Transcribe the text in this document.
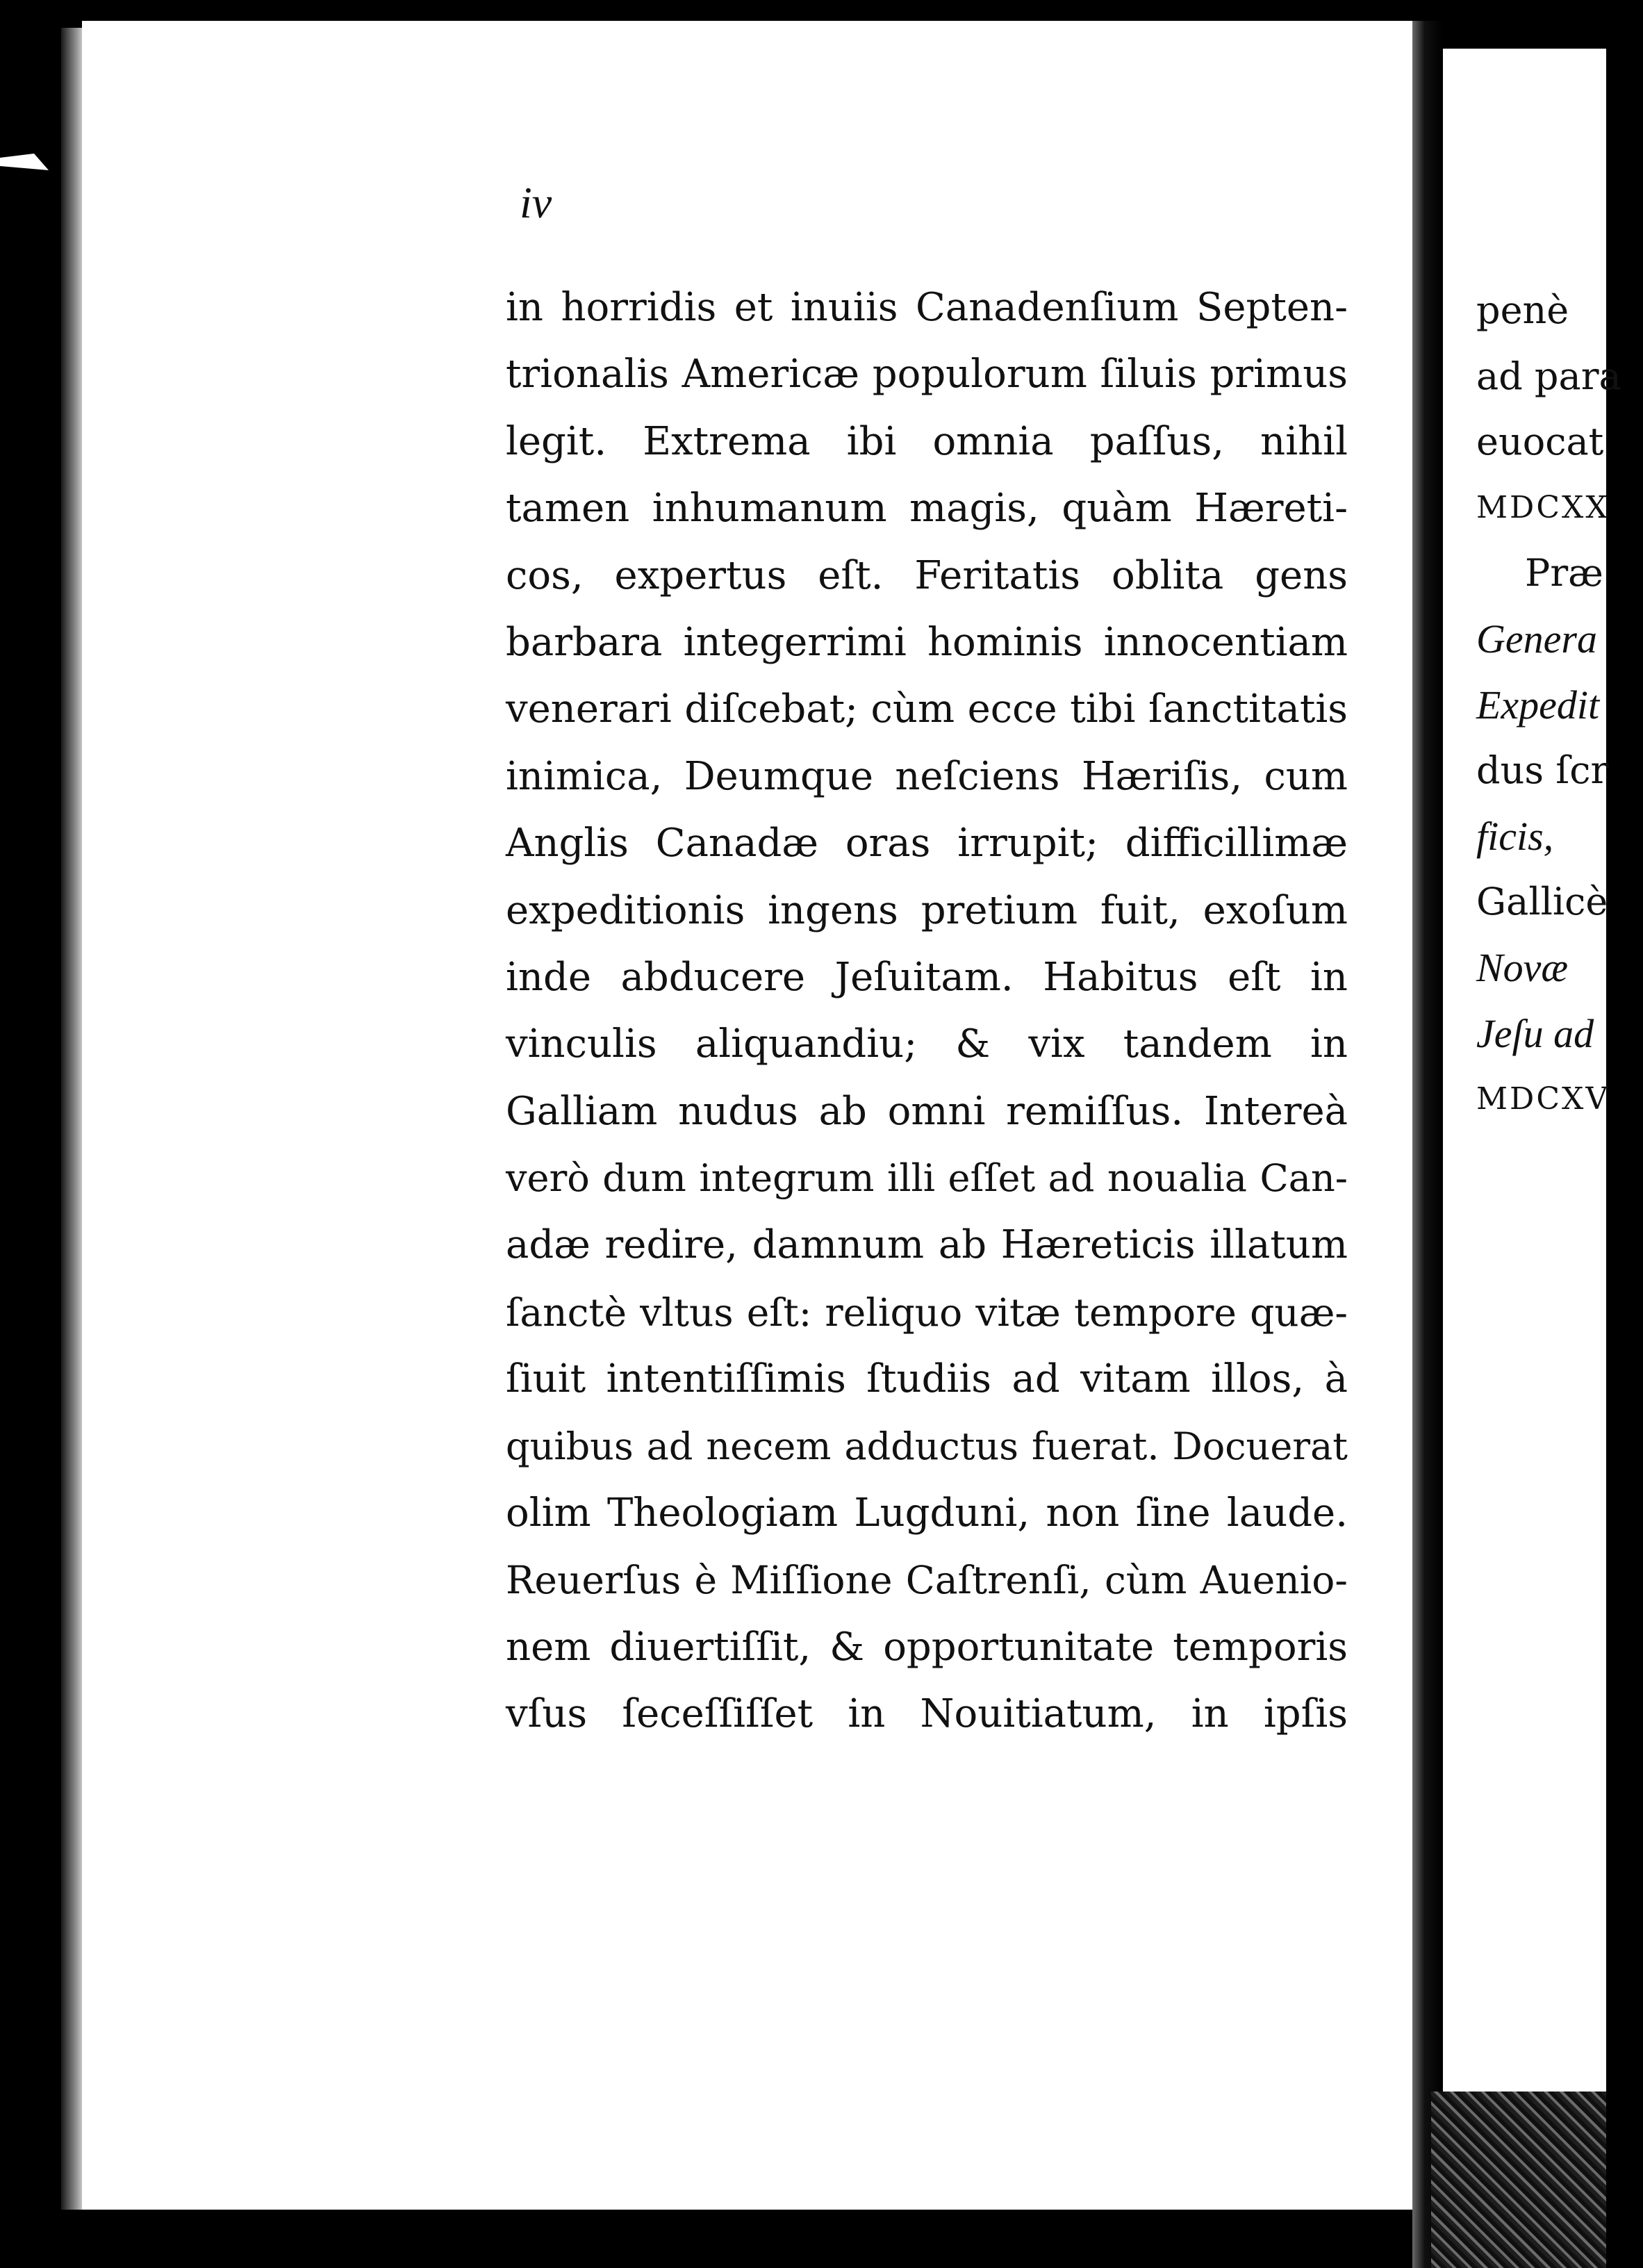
iv
in horridis et inuiis Canadenſium Septen-
trionalis Americæ populorum ſiluis primus
legit. Extrema ibi omnia paſſus, nihil
tamen inhumanum magis, quàm Hæreti-
cos, expertus eſt. Feritatis oblita gens
barbara integerrimi hominis innocentiam
venerari diſcebat; cùm ecce tibi ſanctitatis
inimica, Deumque neſciens Hæriſis, cum
Anglis Canadæ oras irrupit; difficillimæ
expeditionis ingens pretium fuit, exoſum
inde abducere Jeſuitam. Habitus eſt in
vinculis aliquandiu; & vix tandem in
Galliam nudus ab omni remiſſus. Intereà
verò dum integrum illi eſſet ad noualia Can-
adæ redire, damnum ab Hæreticis illatum
ſanctè vltus eſt: reliquo vitæ tempore quæ-
ſiuit intentiſſimis ſtudiis ad vitam illos, à
quibus ad necem adductus fuerat. Docuerat
olim Theologiam Lugduni, non ſine laude.
Reuerſus è Miſſione Caſtrenſi, cùm Auenio-
nem diuertiſſit, & opportunitate temporis
vſus ſeceſſiſſet in Nouitiatum, in ipſis
penè
ad para
euocat
MDCXX
Præ
Genera
Expedit
dus ſcr
ficis,
Gallicè
Novæ
Jeſu ad
MDCXV
